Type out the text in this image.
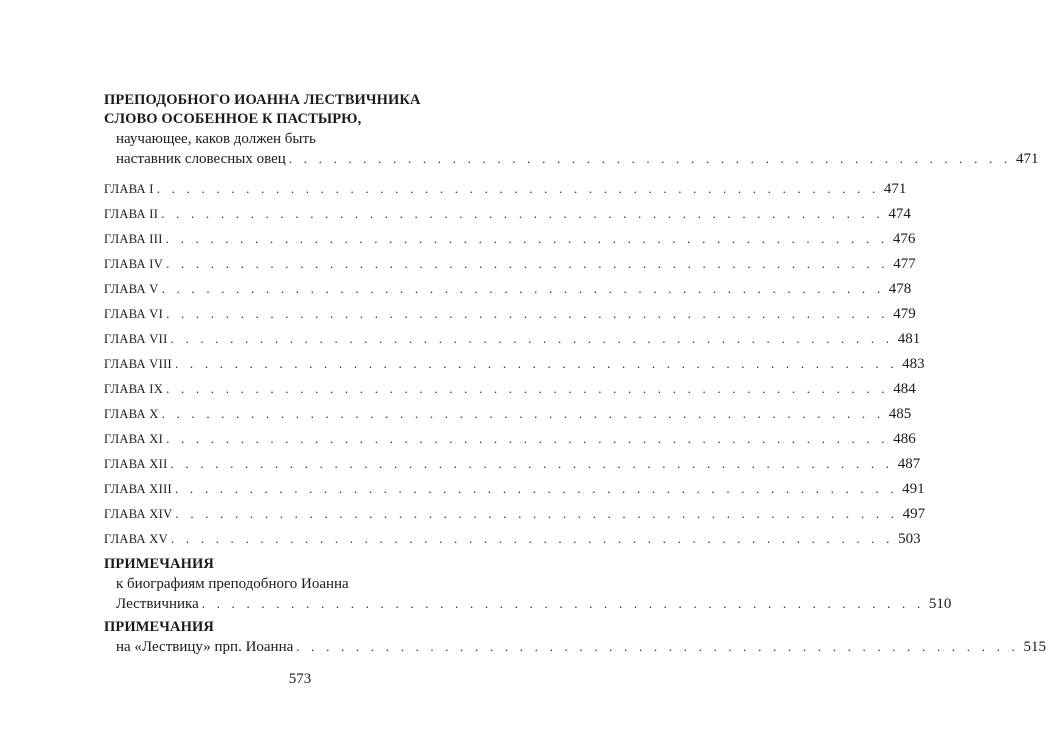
ПРЕПОДОБНОГО ИОАННА ЛЕСТВИЧНИКА
СЛОВО ОСОБЕННОЕ К ПАСТЫРЮ,
научающее, каков должен быть
наставник словесных овец . . . . . . . . . . . . . . . . . . . . . . . . . . . . . . . . . . . . . . . . . . . . . . . . . 471
ГЛАВА I . . . . . . . . . . . . . . . . . . . . . . . . . . . . . . . . . . . . . . . . . . . . . . . . . 471
ГЛАВА II . . . . . . . . . . . . . . . . . . . . . . . . . . . . . . . . . . . . . . . . . . . . . . . . . 474
ГЛАВА III . . . . . . . . . . . . . . . . . . . . . . . . . . . . . . . . . . . . . . . . . . . . . . . . . 476
ГЛАВА IV . . . . . . . . . . . . . . . . . . . . . . . . . . . . . . . . . . . . . . . . . . . . . . . . . 477
ГЛАВА V . . . . . . . . . . . . . . . . . . . . . . . . . . . . . . . . . . . . . . . . . . . . . . . . . 478
ГЛАВА VI . . . . . . . . . . . . . . . . . . . . . . . . . . . . . . . . . . . . . . . . . . . . . . . . . 479
ГЛАВА VII . . . . . . . . . . . . . . . . . . . . . . . . . . . . . . . . . . . . . . . . . . . . . . . . . 481
ГЛАВА VIII . . . . . . . . . . . . . . . . . . . . . . . . . . . . . . . . . . . . . . . . . . . . . . . . . 483
ГЛАВА IX . . . . . . . . . . . . . . . . . . . . . . . . . . . . . . . . . . . . . . . . . . . . . . . . . 484
ГЛАВА X . . . . . . . . . . . . . . . . . . . . . . . . . . . . . . . . . . . . . . . . . . . . . . . . . 485
ГЛАВА XI . . . . . . . . . . . . . . . . . . . . . . . . . . . . . . . . . . . . . . . . . . . . . . . . . 486
ГЛАВА XII . . . . . . . . . . . . . . . . . . . . . . . . . . . . . . . . . . . . . . . . . . . . . . . . . 487
ГЛАВА XIII . . . . . . . . . . . . . . . . . . . . . . . . . . . . . . . . . . . . . . . . . . . . . . . . . 491
ГЛАВА XIV . . . . . . . . . . . . . . . . . . . . . . . . . . . . . . . . . . . . . . . . . . . . . . . . . 497
ГЛАВА XV . . . . . . . . . . . . . . . . . . . . . . . . . . . . . . . . . . . . . . . . . . . . . . . . . 503
ПРИМЕЧАНИЯ
к биографиям преподобного Иоанна
Лествичника . . . . . . . . . . . . . . . . . . . . . . . . . . . . . . . . . . . . . . . . . . . . . . . . . 510
ПРИМЕЧАНИЯ
на «Лествицу» прп. Иоанна . . . . . . . . . . . . . . . . . . . . . . . . . . . . . . . . . . . . . . . . . . . . . . . . . 515
573
